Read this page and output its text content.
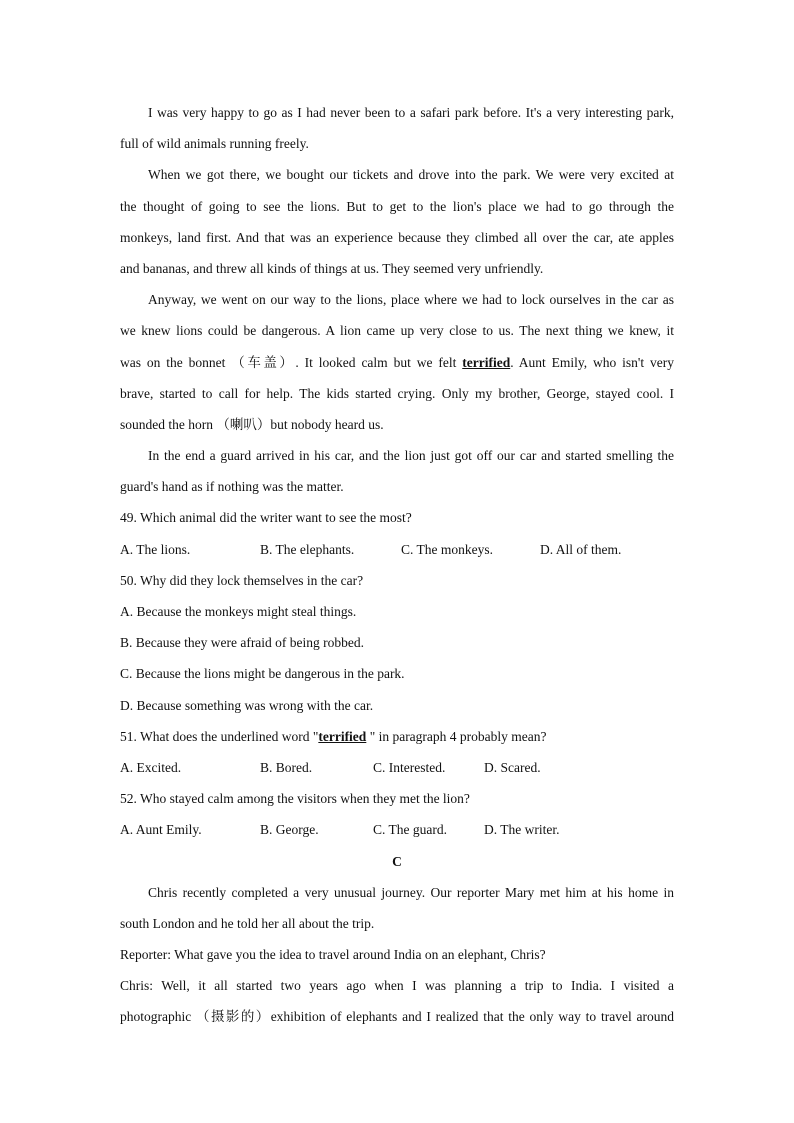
I was very happy to go as I had never been to a safari park before. It's a very interesting park,
full of wild animals running freely.
When we got there, we bought our tickets and drove into the park. We were very excited at
the thought of going to see the lions. But to get to the lion's place we had to go through the
monkeys, land first. And that was an experience because they climbed all over the car, ate apples
and bananas, and threw all kinds of things at us. They seemed very unfriendly.
Anyway, we went on our way to the lions, place where we had to lock ourselves in the car as
we knew lions could be dangerous. A lion came up very close to us. The next thing we knew, it
was on the bonnet （车盖）. It looked calm but we felt terrified. Aunt Emily, who isn't very
brave, started to call for help. The kids started crying. Only my brother, George, stayed cool. I
sounded the horn （喇叭）but nobody heard us.
In the end a guard arrived in his car, and the lion just got off our car and started smelling the
guard's hand as if nothing was the matter.
49. Which animal did the writer want to see the most?
A. The lions.	B. The elephants.	C. The monkeys.	D. All of them.
50. Why did they lock themselves in the car?
A. Because the monkeys might steal things.
B. Because they were afraid of being robbed.
C. Because the lions might be dangerous in the park.
D. Because something was wrong with the car.
51. What does the underlined word "terrified " in paragraph 4 probably mean?
A. Excited.	B. Bored.	C. Interested.	D. Scared.
52. Who stayed calm among the visitors when they met the lion?
A. Aunt Emily.	B. George.	C. The guard.	D. The writer.
C
Chris recently completed a very unusual journey. Our reporter Mary met him at his home in
south London and he told her all about the trip.
Reporter: What gave you the idea to travel around India on an elephant, Chris?
Chris: Well, it all started two years ago when I was planning a trip to India. I visited a
photographic （摄影的）exhibition of elephants and I realized that the only way to travel around
